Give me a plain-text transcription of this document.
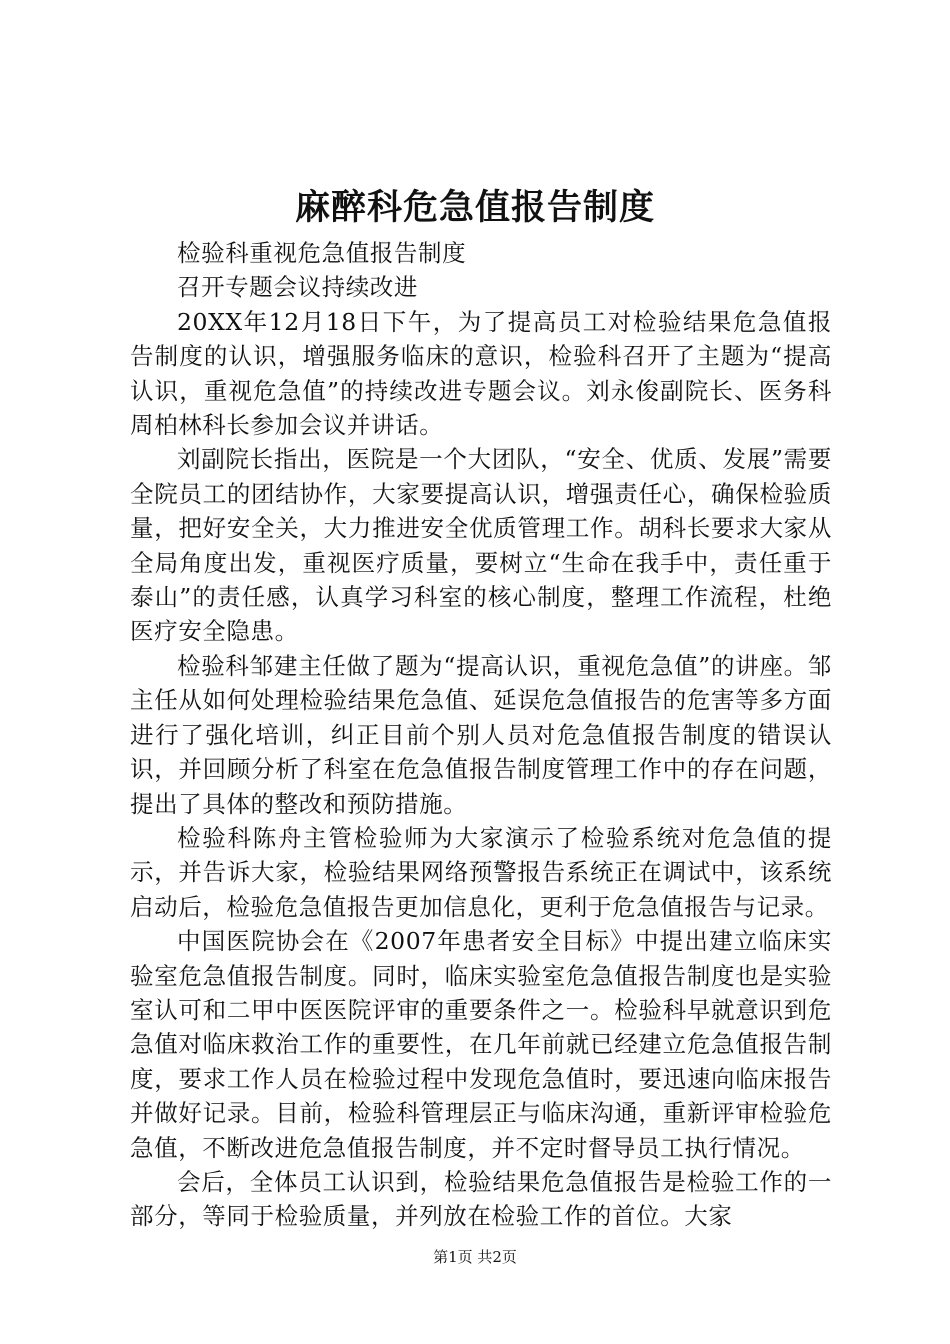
麻醉科危急值报告制度

检验科重视危急值报告制度

召开专题会议持续改进

20XX年12月18日下午，为了提高员工对检验结果危急值报告制度的认识，增强服务临床的意识，检验科召开了主题为“提高认识，重视危急值”的持续改进专题会议。刘永俊副院长、医务科周柏林科长参加会议并讲话。

刘副院长指出，医院是一个大团队，“安全、优质、发展”需要全院员工的团结协作，大家要提高认识，增强责任心，确保检验质量，把好安全关，大力推进安全优质管理工作。胡科长要求大家从全局角度出发，重视医疗质量，要树立“生命在我手中，责任重于泰山”的责任感，认真学习科室的核心制度，整理工作流程，杜绝医疗安全隐患。

检验科邹建主任做了题为“提高认识，重视危急值”的讲座。邹主任从如何处理检验结果危急值、延误危急值报告的危害等多方面进行了强化培训，纠正目前个别人员对危急值报告制度的错误认识，并回顾分析了科室在危急值报告制度管理工作中的存在问题，提出了具体的整改和预防措施。

检验科陈舟主管检验师为大家演示了检验系统对危急值的提示，并告诉大家，检验结果网络预警报告系统正在调试中，该系统启动后，检验危急值报告更加信息化，更利于危急值报告与记录。

中国医院协会在《2007年患者安全目标》中提出建立临床实验室危急值报告制度。同时，临床实验室危急值报告制度也是实验室认可和二甲中医医院评审的重要条件之一。检验科早就意识到危急值对临床救治工作的重要性，在几年前就已经建立危急值报告制度，要求工作人员在检验过程中发现危急值时，要迅速向临床报告并做好记录。目前，检验科管理层正与临床沟通，重新评审检验危急值，不断改进危急值报告制度，并不定时督导员工执行情况。

会后，全体员工认识到，检验结果危急值报告是检验工作的一部分，等同于检验质量，并列放在检验工作的首位。大家

第1页 共2页
